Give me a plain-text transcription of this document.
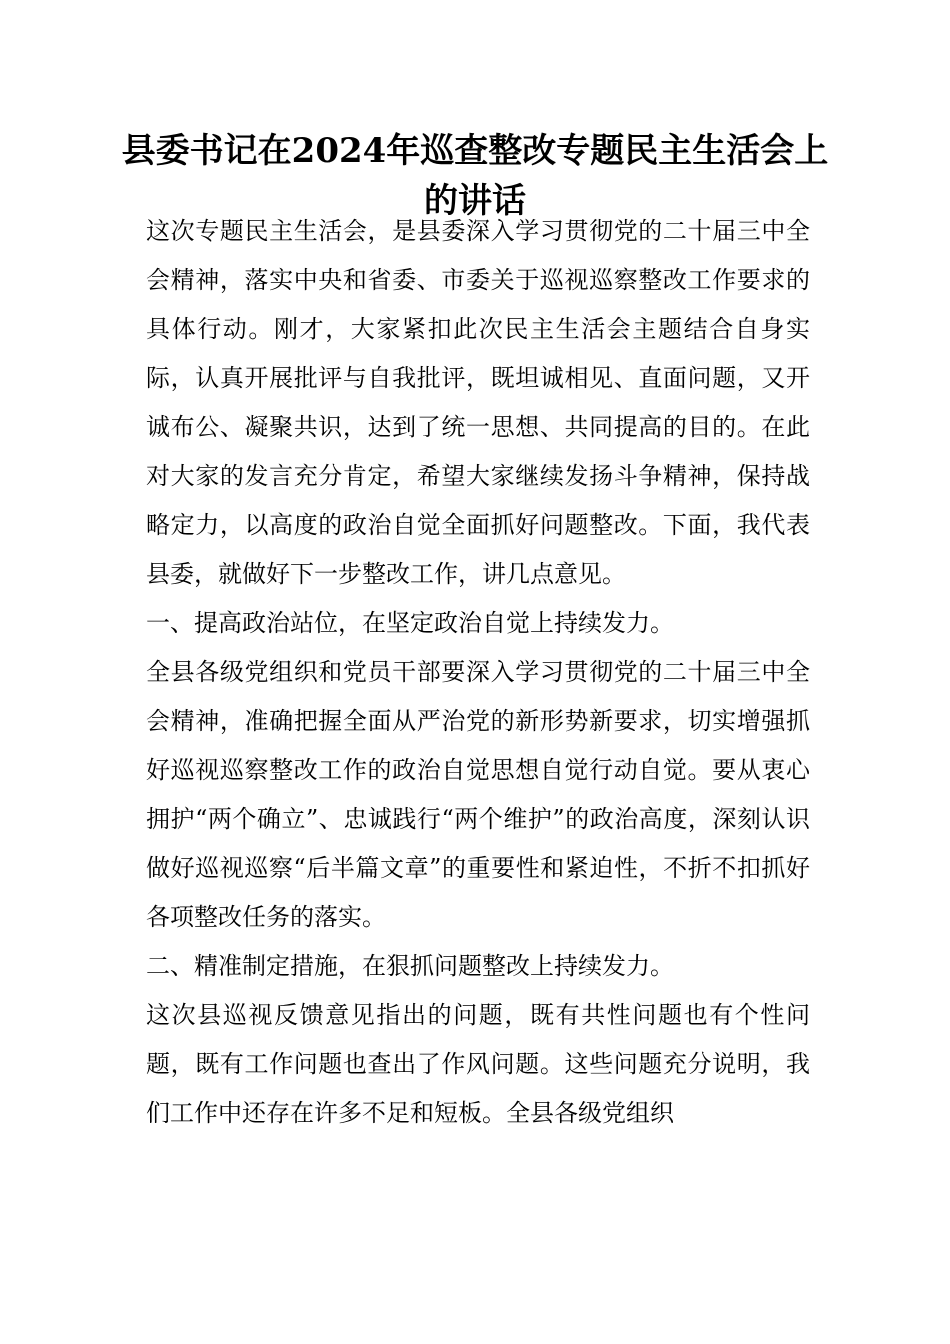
县委书记在2024年巡查整改专题民主生活会上的讲话

这次专题民主生活会，是县委深入学习贯彻党的二十届三中全会精神，落实中央和省委、市委关于巡视巡察整改工作要求的具体行动。刚才，大家紧扣此次民主生活会主题结合自身实际，认真开展批评与自我批评，既坦诚相见、直面问题，又开诚布公、凝聚共识，达到了统一思想、共同提高的目的。在此对大家的发言充分肯定，希望大家继续发扬斗争精神，保持战略定力，以高度的政治自觉全面抓好问题整改。下面，我代表县委，就做好下一步整改工作，讲几点意见。

一、提高政治站位，在坚定政治自觉上持续发力。

全县各级党组织和党员干部要深入学习贯彻党的二十届三中全会精神，准确把握全面从严治党的新形势新要求，切实增强抓好巡视巡察整改工作的政治自觉思想自觉行动自觉。要从衷心拥护“两个确立”、忠诚践行“两个维护”的政治高度，深刻认识做好巡视巡察“后半篇文章”的重要性和紧迫性，不折不扣抓好各项整改任务的落实。

二、精准制定措施，在狠抓问题整改上持续发力。

这次县巡视反馈意见指出的问题，既有共性问题也有个性问题，既有工作问题也查出了作风问题。这些问题充分说明，我们工作中还存在许多不足和短板。全县各级党组织
